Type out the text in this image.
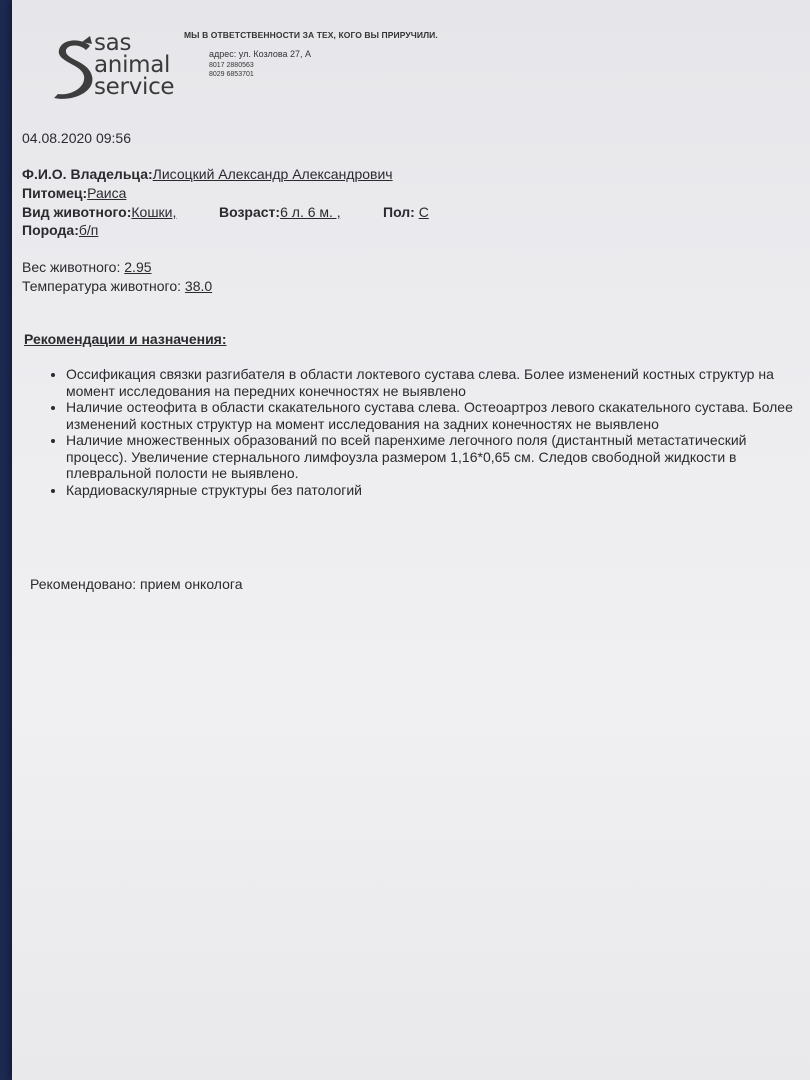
sas
animal
service
МЫ В ОТВЕТСТВЕННОСТИ ЗА ТЕХ, КОГО ВЫ ПРИРУЧИЛИ.
адрес: ул. Козлова 27, А
8017 2880563
8029 6853701
04.08.2020 09:56
Ф.И.О. Владельца:Лисоцкий Александр Александрович
Питомец:Раиса
Вид животного:Кошки,	Возраст:6 л. 6 м. ,	Пол: С
Порода:б/п
Вес животного: 2.95
Температура животного: 38.0
Рекомендации и назначения:
• Оссификация связки разгибателя в области локтевого сустава слева. Более изменений костных структур на момент исследования на передних конечностях не выявлено
• Наличие остеофита в области скакательного сустава слева. Остеоартроз левого скакательного сустава. Более изменений костных структур на момент исследования на задних конечностях не выявлено
• Наличие множественных образований по всей паренхиме легочного поля (дистантный метастатический процесс). Увеличение стернального лимфоузла размером 1,16*0,65 см. Следов свободной жидкости в плевральной полости не выявлено.
• Кардиоваскулярные структуры без патологий
Рекомендовано: прием онколога
